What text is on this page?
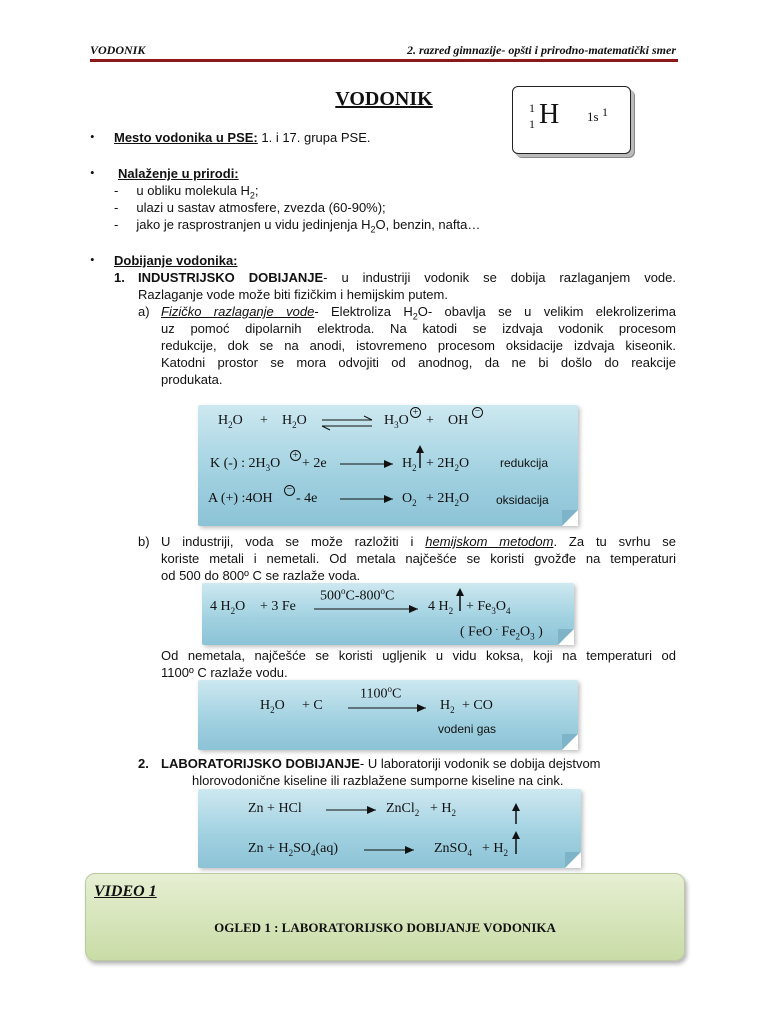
VODONIK	2. razred gimnazije- opšti i prirodno-matematički smer
VODONIK	1
1 H 1s 1
• Mesto vodonika u PSE: 1. i 17. grupa PSE.
• Nalaženje u prirodi:
-     u obliku molekula $H_2$;
-     ulazi u sastav atmosfere, zvezda (60-90%);
-     jako je rasprostranjen u vidu jedinjenja $H_2O$, benzin, nafta…
• Dobijanje vodonika:
1. INDUSTRIJSKO DOBIJANJE- u industriji vodonik se dobija razlaganjem vode.
Razlaganje vode može biti fizičkim i hemijskim putem.
a) Fizičko razlaganje vode- Elektroliza $H_2O-$ obavlja se u velikim elekrolizerima
uz pomoć dipolarnih elektroda. Na katodi se izdvaja vodonik procesom
redukcije, dok se na anodi, istovremeno procesom oksidacije izdvaja kiseonik.
Katodni prostor se mora odvojiti od anodnog, da ne bi došlo do reakcije
produkata.
$H_2O + H_2O$ ⇌ $H_3O$
+
+ OH
−
K (-) : $2H_3O$
+
+ 2e	$H_2 + 2H_2O$	redukcija
A (+) :4OH
−
- 4e	$O_2 + 2H_2O$ oksidacija
b) U industriji, voda se može razložiti i hemijskom metodom. Za tu svrhu se
koriste metali i nemetali. Od metala najčešće se koristi gvožđe na temperaturi
od 500 do 800º C se razlaže voda.
4 $H_2O + 3$ Fe
500$^o$C-800$^o$C
4 $H_2 + Fe_3O_4$
( FeO . $Fe_2O_3$ )
Od nemetala, najčešće se koristi ugljenik u vidu koksa, koji na temperaturi od
1100º C razlaže vodu.
$H_2O + C$
1100$^o$C
$H_2$ + CO
vodeni gas
2. LABORATORIJSKO DOBIJANJE- U laboratoriji vodonik se dobija dejstvom
hlorovodonične kiseline ili razblažene sumporne kiseline na cink.
Zn + HCl	ZnCl$_2$ + $H_2$
$Zn + H_2SO_4(aq)$	ZnSO$_4$ + $H_2$
VIDEO 1
OGLED 1 : LABORATORIJSKO DOBIJANJE VODONIKA
